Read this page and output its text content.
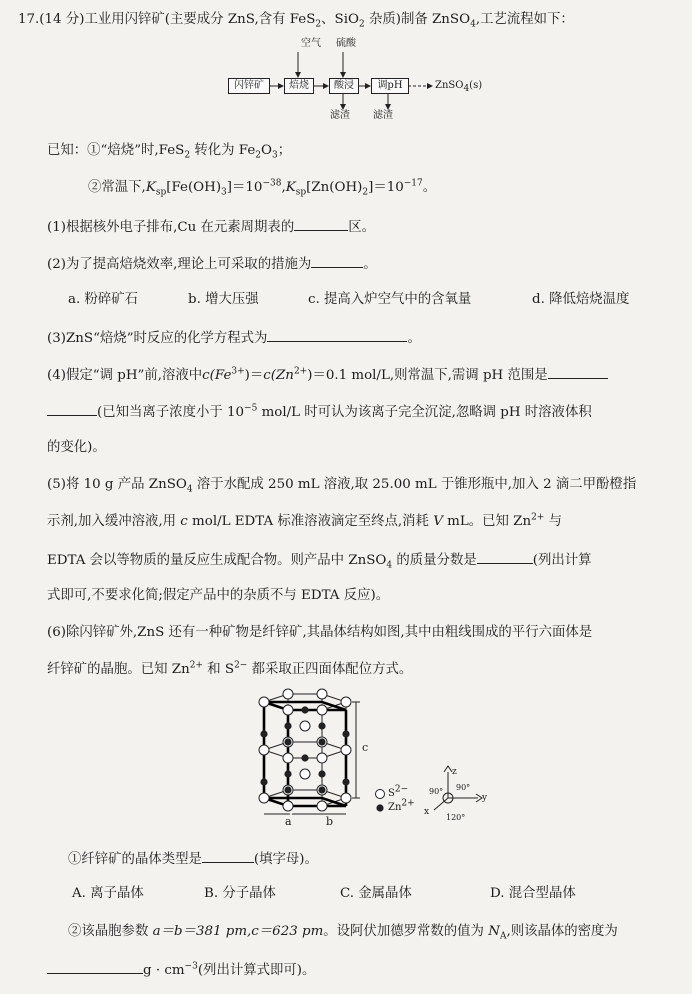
17.(14 分)工业用闪锌矿(主要成分 ZnS,含有 FeS$_2$、SiO$_2$ 杂质)制备 ZnSO$_4$,工艺流程如下：
空气 硫酸
闪锌矿	焙烧	酸浸	调pH	ZnSO$_4$(s)
滤渣 滤渣
已知：①“焙烧”时,FeS$_2$ 转化为 $Fe_2O_3$；
②常温下$,K_{sp}[Fe(OH)_3]=10^{-38},K_{sp}[Zn(OH)_2]=10^{-17}$。
(1)根据核外电子排布,Cu 在元素周期表的	区。
(2)为了提高焙烧效率,理论上可采取的措施为	。
a. 粉碎矿石	b. 增大压强	c. 提高入炉空气中的含氧量	d. 降低焙烧温度
(3)ZnS“焙烧”时反应的化学方程式为	。
(4)假定“调 pH”前,溶液中$c(Fe^{3+})=c(Zn^{2+})=0.1$ mol/L,则常温下,需调 pH 范围是
(已知当离子浓度小于 $10^{-5}$ mol/L 时可认为该离子完全沉淀,忽略调 pH 时溶液体积
的变化)。
(5)将 10 g 产品 ZnSO$_4$ 溶于水配成 250 mL 溶液,取 25.00 mL 于锥形瓶中,加入 2 滴二甲酚橙指
示剂,加入缓冲溶液,用 c mol/L EDTA 标准溶液滴定至终点,消耗 V mL。已知 $Zn^{2+}$ 与
EDTA 会以等物质的量反应生成配合物。则产品中 ZnSO$_4$ 的质量分数是	(列出计算
式即可,不要求化简;假定产品中的杂质不与 EDTA 反应)。
(6)除闪锌矿外,ZnS 还有一种矿物是纤锌矿,其晶体结构如图,其中由粗线围成的平行六面体是
纤锌矿的晶胞。已知 $Zn^{2+}$ 和 $S^{2-}$ 都采取正四面体配位方式。
c
a	b
$S^{2-}$
$Zn^{2+}$
z
y
x
90° 90°
120°
①纤锌矿的晶体类型是	(填字母)。
A. 离子晶体	B. 分子晶体	C. 金属晶体	D. 混合型晶体
②该晶胞参数 a＝b＝381 pm,c＝623 pm。设阿伏加德罗常数的值为 $N_A$,则该晶体的密度为
$g \cdot cm^{-3}$(列出计算式即可)。
